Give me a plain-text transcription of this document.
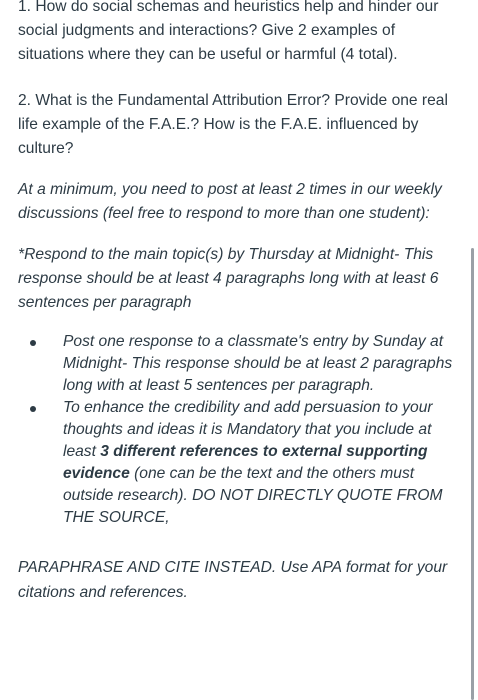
1. How do social schemas and heuristics help and hinder our social judgments and interactions? Give 2 examples of situations where they can be useful or harmful (4 total).

2. What is the Fundamental Attribution Error? Provide one real life example of the F.A.E.? How is the F.A.E. influenced by culture?

At a minimum, you need to post at least 2 times in our weekly discussions (feel free to respond to more than one student):

*Respond to the main topic(s) by Thursday at Midnight- This response should be at least 4 paragraphs long with at least 6 sentences per paragraph

Post one response to a classmate's entry by Sunday at Midnight- This response should be at least 2 paragraphs long with at least 5 sentences per paragraph.
To enhance the credibility and add persuasion to your thoughts and ideas it is Mandatory that you include at least 3 different references to external supporting evidence (one can be the text and the others must outside research). DO NOT DIRECTLY QUOTE FROM THE SOURCE,

PARAPHRASE AND CITE INSTEAD. Use APA format for your citations and references.
